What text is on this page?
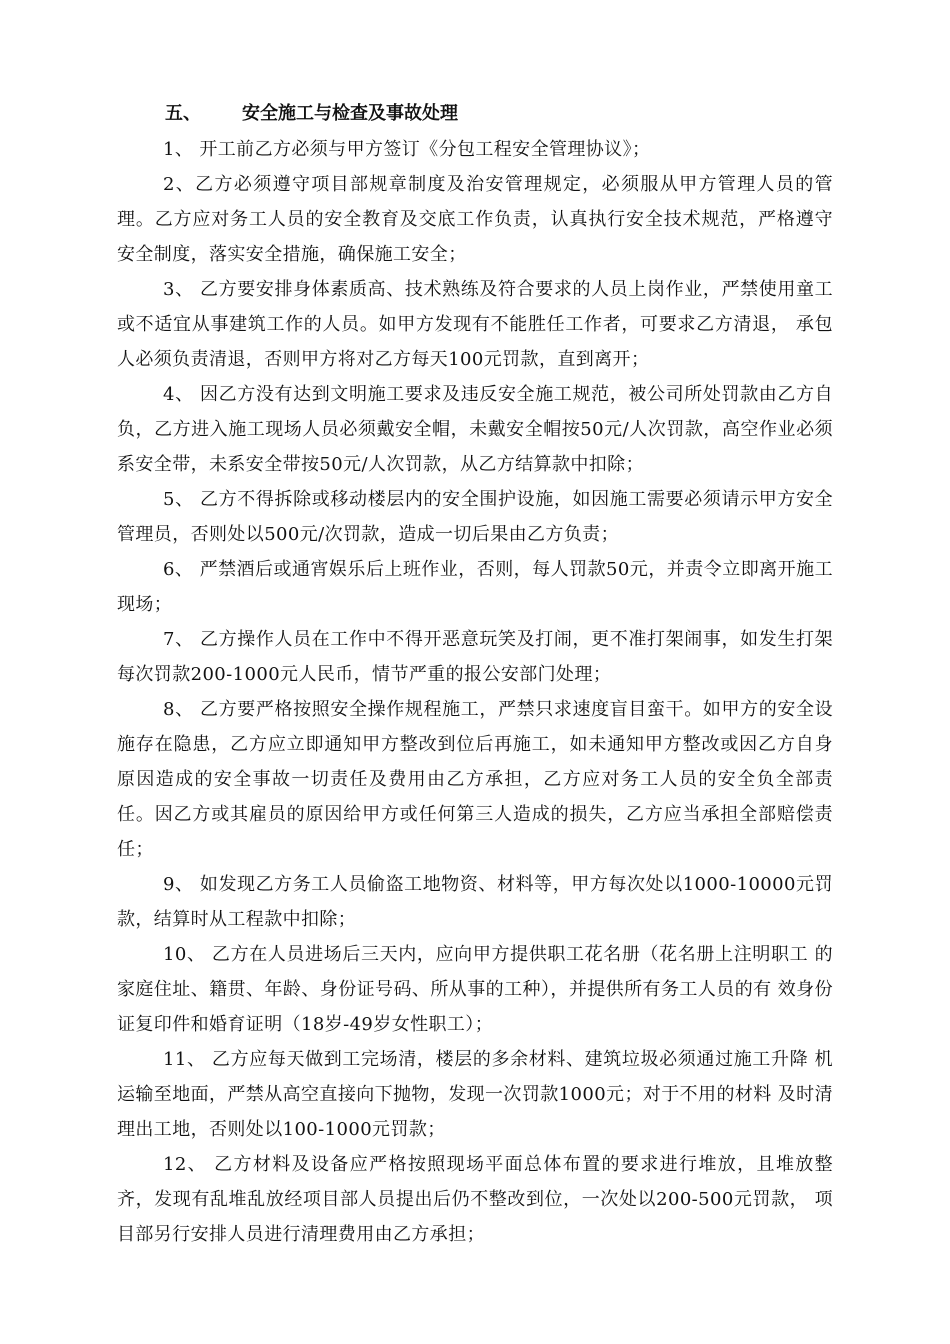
五、 安全施工与检查及事故处理

1、 开工前乙方必须与甲方签订《分包工程安全管理协议》；

2、乙方必须遵守项目部规章制度及治安管理规定，必须服从甲方管理人员的管理。乙方应对务工人员的安全教育及交底工作负责，认真执行安全技术规范，严格遵守安全制度，落实安全措施，确保施工安全；

3、 乙方要安排身体素质高、技术熟练及符合要求的人员上岗作业，严禁使用童工或不适宜从事建筑工作的人员。如甲方发现有不能胜任工作者，可要求乙方清退， 承包人必须负责清退，否则甲方将对乙方每天100元罚款，直到离开；

4、 因乙方没有达到文明施工要求及违反安全施工规范，被公司所处罚款由乙方自负，乙方进入施工现场人员必须戴安全帽，未戴安全帽按50元/人次罚款，高空作业必须系安全带，未系安全带按50元/人次罚款，从乙方结算款中扣除；

5、 乙方不得拆除或移动楼层内的安全围护设施，如因施工需要必须请示甲方安全管理员，否则处以500元/次罚款，造成一切后果由乙方负责；

6、 严禁酒后或通宵娱乐后上班作业，否则，每人罚款50元，并责令立即离开施工现场；

7、 乙方操作人员在工作中不得开恶意玩笑及打闹，更不准打架闹事，如发生打架每次罚款200-1000元人民币，情节严重的报公安部门处理；

8、 乙方要严格按照安全操作规程施工，严禁只求速度盲目蛮干。如甲方的安全设施存在隐患，乙方应立即通知甲方整改到位后再施工，如未通知甲方整改或因乙方自身原因造成的安全事故一切责任及费用由乙方承担，乙方应对务工人员的安全负全部责任。因乙方或其雇员的原因给甲方或任何第三人造成的损失，乙方应当承担全部赔偿责任；

9、 如发现乙方务工人员偷盗工地物资、材料等，甲方每次处以1000-10000元罚款，结算时从工程款中扣除；

10、 乙方在人员进场后三天内，应向甲方提供职工花名册（花名册上注明职工 的家庭住址、籍贯、年龄、身份证号码、所从事的工种），并提供所有务工人员的有 效身份证复印件和婚育证明（18岁-49岁女性职工）；

11、 乙方应每天做到工完场清，楼层的多余材料、建筑垃圾必须通过施工升降 机运输至地面，严禁从高空直接向下抛物，发现一次罚款1000元；对于不用的材料 及时清理出工地，否则处以100-1000元罚款；

12、 乙方材料及设备应严格按照现场平面总体布置的要求进行堆放，且堆放整 齐，发现有乱堆乱放经项目部人员提出后仍不整改到位，一次处以200-500元罚款， 项目部另行安排人员进行清理费用由乙方承担；
